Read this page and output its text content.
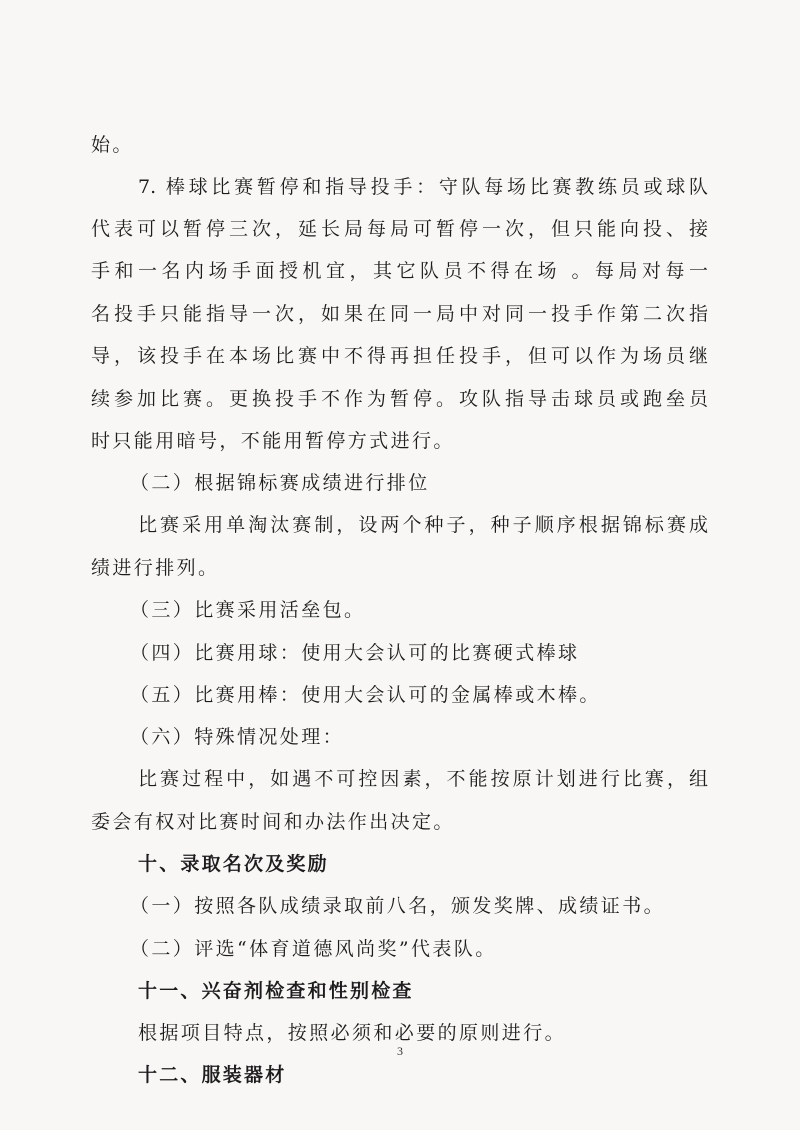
始。

7. 棒球比赛暂停和指导投手：守队每场比赛教练员或球队

代表可以暂停三次，延长局每局可暂停一次，但只能向投、接

手和一名内场手面授机宜，其它队员不得在场 。每局对每一

名投手只能指导一次，如果在同一局中对同一投手作第二次指

导，该投手在本场比赛中不得再担任投手，但可以作为场员继

续参加比赛。更换投手不作为暂停。攻队指导击球员或跑垒员

时只能用暗号，不能用暂停方式进行。

（二）根据锦标赛成绩进行排位

比赛采用单淘汰赛制，设两个种子，种子顺序根据锦标赛成

绩进行排列。

（三）比赛采用活垒包。

（四）比赛用球：使用大会认可的比赛硬式棒球

（五）比赛用棒：使用大会认可的金属棒或木棒。

（六）特殊情况处理：

比赛过程中，如遇不可控因素，不能按原计划进行比赛，组

委会有权对比赛时间和办法作出决定。

十、录取名次及奖励

（一）按照各队成绩录取前八名，颁发奖牌、成绩证书。

（二）评选“体育道德风尚奖”代表队。

十一、兴奋剂检查和性别检查

根据项目特点，按照必须和必要的原则进行。

十二、服装器材

3
